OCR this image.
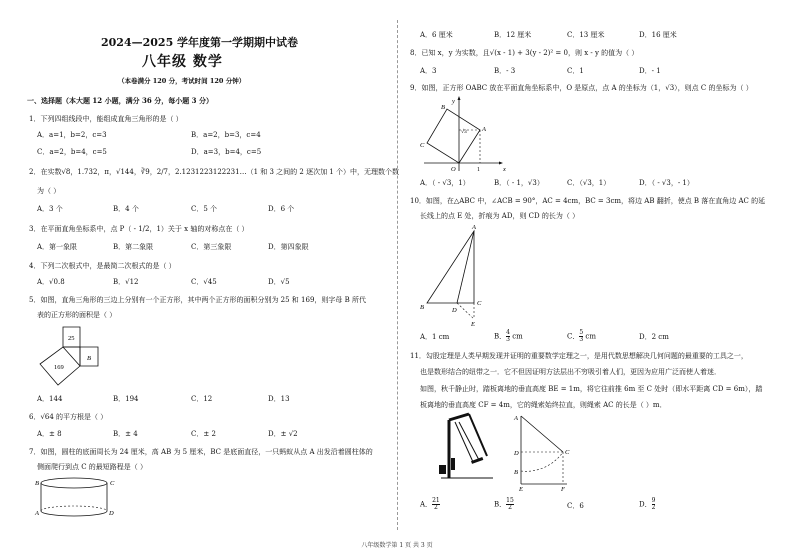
2024—2025 学年度第一学期期中试卷
八年级 数学
（本卷满分 120 分，考试时间 120 分钟）
一、选择题（本大题 12 小题，满分 36 分，每小题 3 分）
1．下列四组线段中，能组成直角三角形的是（ ）
A．a=1，b=2，c=3	B．a=2，b=3，c=4
C．a=2，b=4，c=5	D．a=3，b=4，c=5
2．在实数√8，1.732，π，√144，∛9，2/7，2.1231223122231…（1 和 3 之间的 2 逐次加 1 个）中，无理数个数
为（ ）
A．3 个	B．4 个	C．5 个	D．6 个
3．在平面直角坐标系中，点 P（ - 1/2，1）关于 x 轴的对称点在（ ）
A．第一象限	B．第二象限	C．第三象限	D．第四象限
4．下列二次根式中，是最简二次根式的是（ ）
A．√0.8	B．√12	C．√45	D．√5
5．如图，直角三角形的三边上分别有一个正方形，其中两个正方形的面积分别为 25 和 169，则字母 B 所代
表的正方形的面积是（ ）
25
B
169
A．144	B．194	C．12	D．13
6．√64 的平方根是（ ）
A．± 8	B．± 4	C．± 2	D．± √2
7．如图，圆柱的底面周长为 24 厘米，高 AB 为 5 厘米，BC 是底面直径，一只蚂蚁从点 A 出发沿着圆柱体的
侧面爬行到点 C 的最短路程是（ ）
B	C
A	D
A．6 厘米	B．12 厘米	C．13 厘米	D．16 厘米
8．已知 x，y 为实数，且√(x - 1) + 3(y - 2)² = 0，则 x - y 的值为（ ）
A．3	B．- 3	C．1	D．- 1
9．如图，正方形 OABC 放在平面直角坐标系中，O 是原点，点 A 的坐标为（1，√3），则点 C 的坐标为（ ）
y
x
B
A
C
O	1
√3
A．（ - √3，1）	B．（ - 1，√3）	C．（√3，1）	D．（ - √3，- 1）
10．如图，在△ABC 中，∠ACB = 90°，AC = 4cm，BC = 3cm，将边 AB 翻折，使点 B 落在直角边 AC 的延
长线上的点 E 处，折痕为 AD，则 CD 的长为（ ）
A
B	D
C
E
A．1 cm	B． $\frac{4}{3}$ cm	C． $\frac{5}{3}$ cm	D．2 cm
11．勾股定理是人类早期发现并证明的重要数学定理之一，是用代数思想解决几何问题的最重要的工具之一，
也是数形结合的纽带之一．它不但因证明方法层出不穷吸引着人们，更因为应用广泛而使人着迷．
如图，秋千静止时，踏板离地的垂直高度 BE = 1m，将它往前推 6m 至 C 处时（即水平距离 CD = 6m），踏
板离地的垂直高度 CF = 4m，它的绳索始终拉直，则绳索 AC 的长是（ ）m．
A
B
C
D
E	F
A． $\frac{21}{2}$	B． $\frac{15}{2}$	C．6	D． $\frac{9}{2}$
八年级数学第 1 页 共 3 页
